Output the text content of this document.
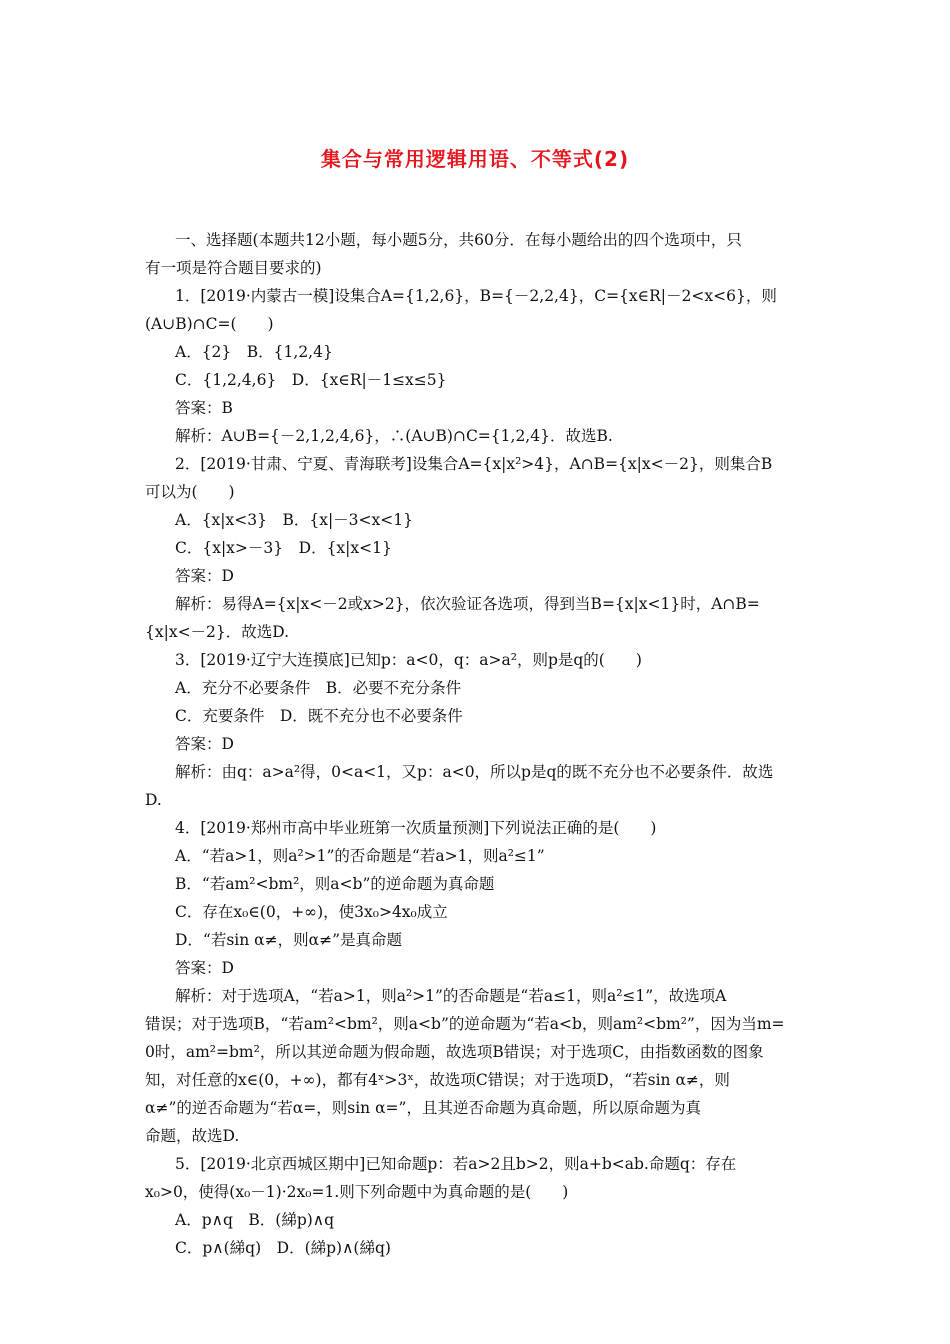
集合与常用逻辑用语、不等式(2)
一、选择题(本题共12小题，每小题5分，共60分．在每小题给出的四个选项中，只
有一项是符合题目要求的)
1．[2019·内蒙古一模]设集合A={1,2,6}，B={－2,2,4}，C={x∈R|－2<x<6}，则
(A∪B)∩C=(　　)
A．{2}　B．{1,2,4}
C．{1,2,4,6}　D．{x∈R|－1≤x≤5}
答案：B
解析：A∪B={－2,1,2,4,6}，∴(A∪B)∩C={1,2,4}．故选B.
2．[2019·甘肃、宁夏、青海联考]设集合A={x|x²>4}，A∩B={x|x<－2}，则集合B
可以为(　　)
A．{x|x<3}　B．{x|－3<x<1}
C．{x|x>－3}　D．{x|x<1}
答案：D
解析：易得A={x|x<－2或x>2}，依次验证各选项，得到当B={x|x<1}时，A∩B=
{x|x<－2}．故选D.
3．[2019·辽宁大连摸底]已知p：a<0，q：a>a²，则p是q的(　　)
A．充分不必要条件　B．必要不充分条件
C．充要条件　D．既不充分也不必要条件
答案：D
解析：由q：a>a²得，0<a<1，又p：a<0，所以p是q的既不充分也不必要条件．故选
D.
4．[2019·郑州市高中毕业班第一次质量预测]下列说法正确的是(　　)
A．“若a>1，则a²>1”的否命题是“若a>1，则a²≤1”
B．“若am²<bm²，则a<b”的逆命题为真命题
C．存在x₀∈(0，+∞)，使3x₀>4x₀成立
D．“若sin α≠，则α≠”是真命题
答案：D
解析：对于选项A，“若a>1，则a²>1”的否命题是“若a≤1，则a²≤1”，故选项A
错误；对于选项B，“若am²<bm²，则a<b”的逆命题为“若a<b，则am²<bm²”，因为当m=
0时，am²=bm²，所以其逆命题为假命题，故选项B错误；对于选项C，由指数函数的图象
知，对任意的x∈(0，+∞)，都有4ˣ>3ˣ，故选项C错误；对于选项D，“若sin α≠，则
α≠”的逆否命题为“若α=，则sin α=”，且其逆否命题为真命题，所以原命题为真
命题，故选D.
5．[2019·北京西城区期中]已知命题p：若a>2且b>2，则a+b<ab.命题q：存在
x₀>0，使得(x₀－1)·2x₀=1.则下列命题中为真命题的是(　　)
A．p∧q　B．(綈p)∧q
C．p∧(綈q)　D．(綈p)∧(綈q)
